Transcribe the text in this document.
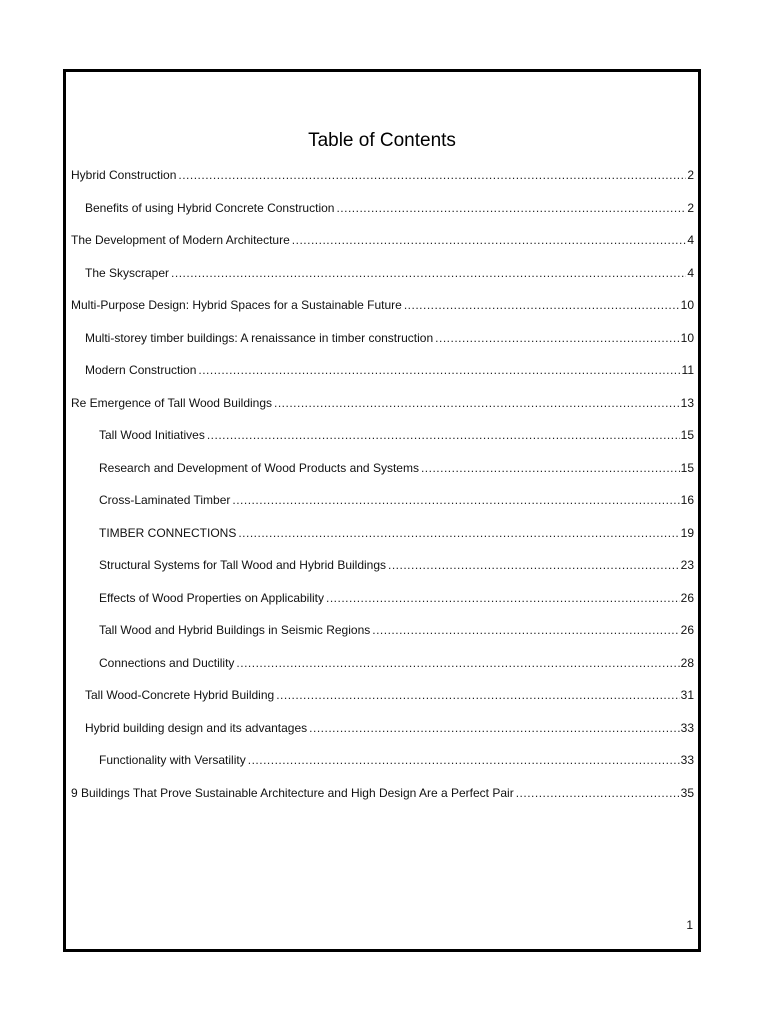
Table of Contents
Hybrid Construction .....	2
Benefits of using Hybrid Concrete Construction .....	2
The Development of Modern Architecture .....	4
The Skyscraper .....	4
Multi-Purpose Design: Hybrid Spaces for a Sustainable Future .....	10
Multi-storey timber buildings: A renaissance in timber construction .....	10
Modern Construction .....	11
Re Emergence of Tall Wood Buildings .....	13
Tall Wood Initiatives .....	15
Research and Development of Wood Products and Systems .....	15
Cross-Laminated Timber .....	16
TIMBER CONNECTIONS .....	19
Structural Systems for Tall Wood and Hybrid Buildings .....	23
Effects of Wood Properties on Applicability .....	26
Tall Wood and Hybrid Buildings in Seismic Regions .....	26
Connections and Ductility .....	28
Tall Wood-Concrete Hybrid Building .....	31
Hybrid building design and its advantages .....	33
Functionality with Versatility .....	33
9 Buildings That Prove Sustainable Architecture and High Design Are a Perfect Pair .....	35
1
